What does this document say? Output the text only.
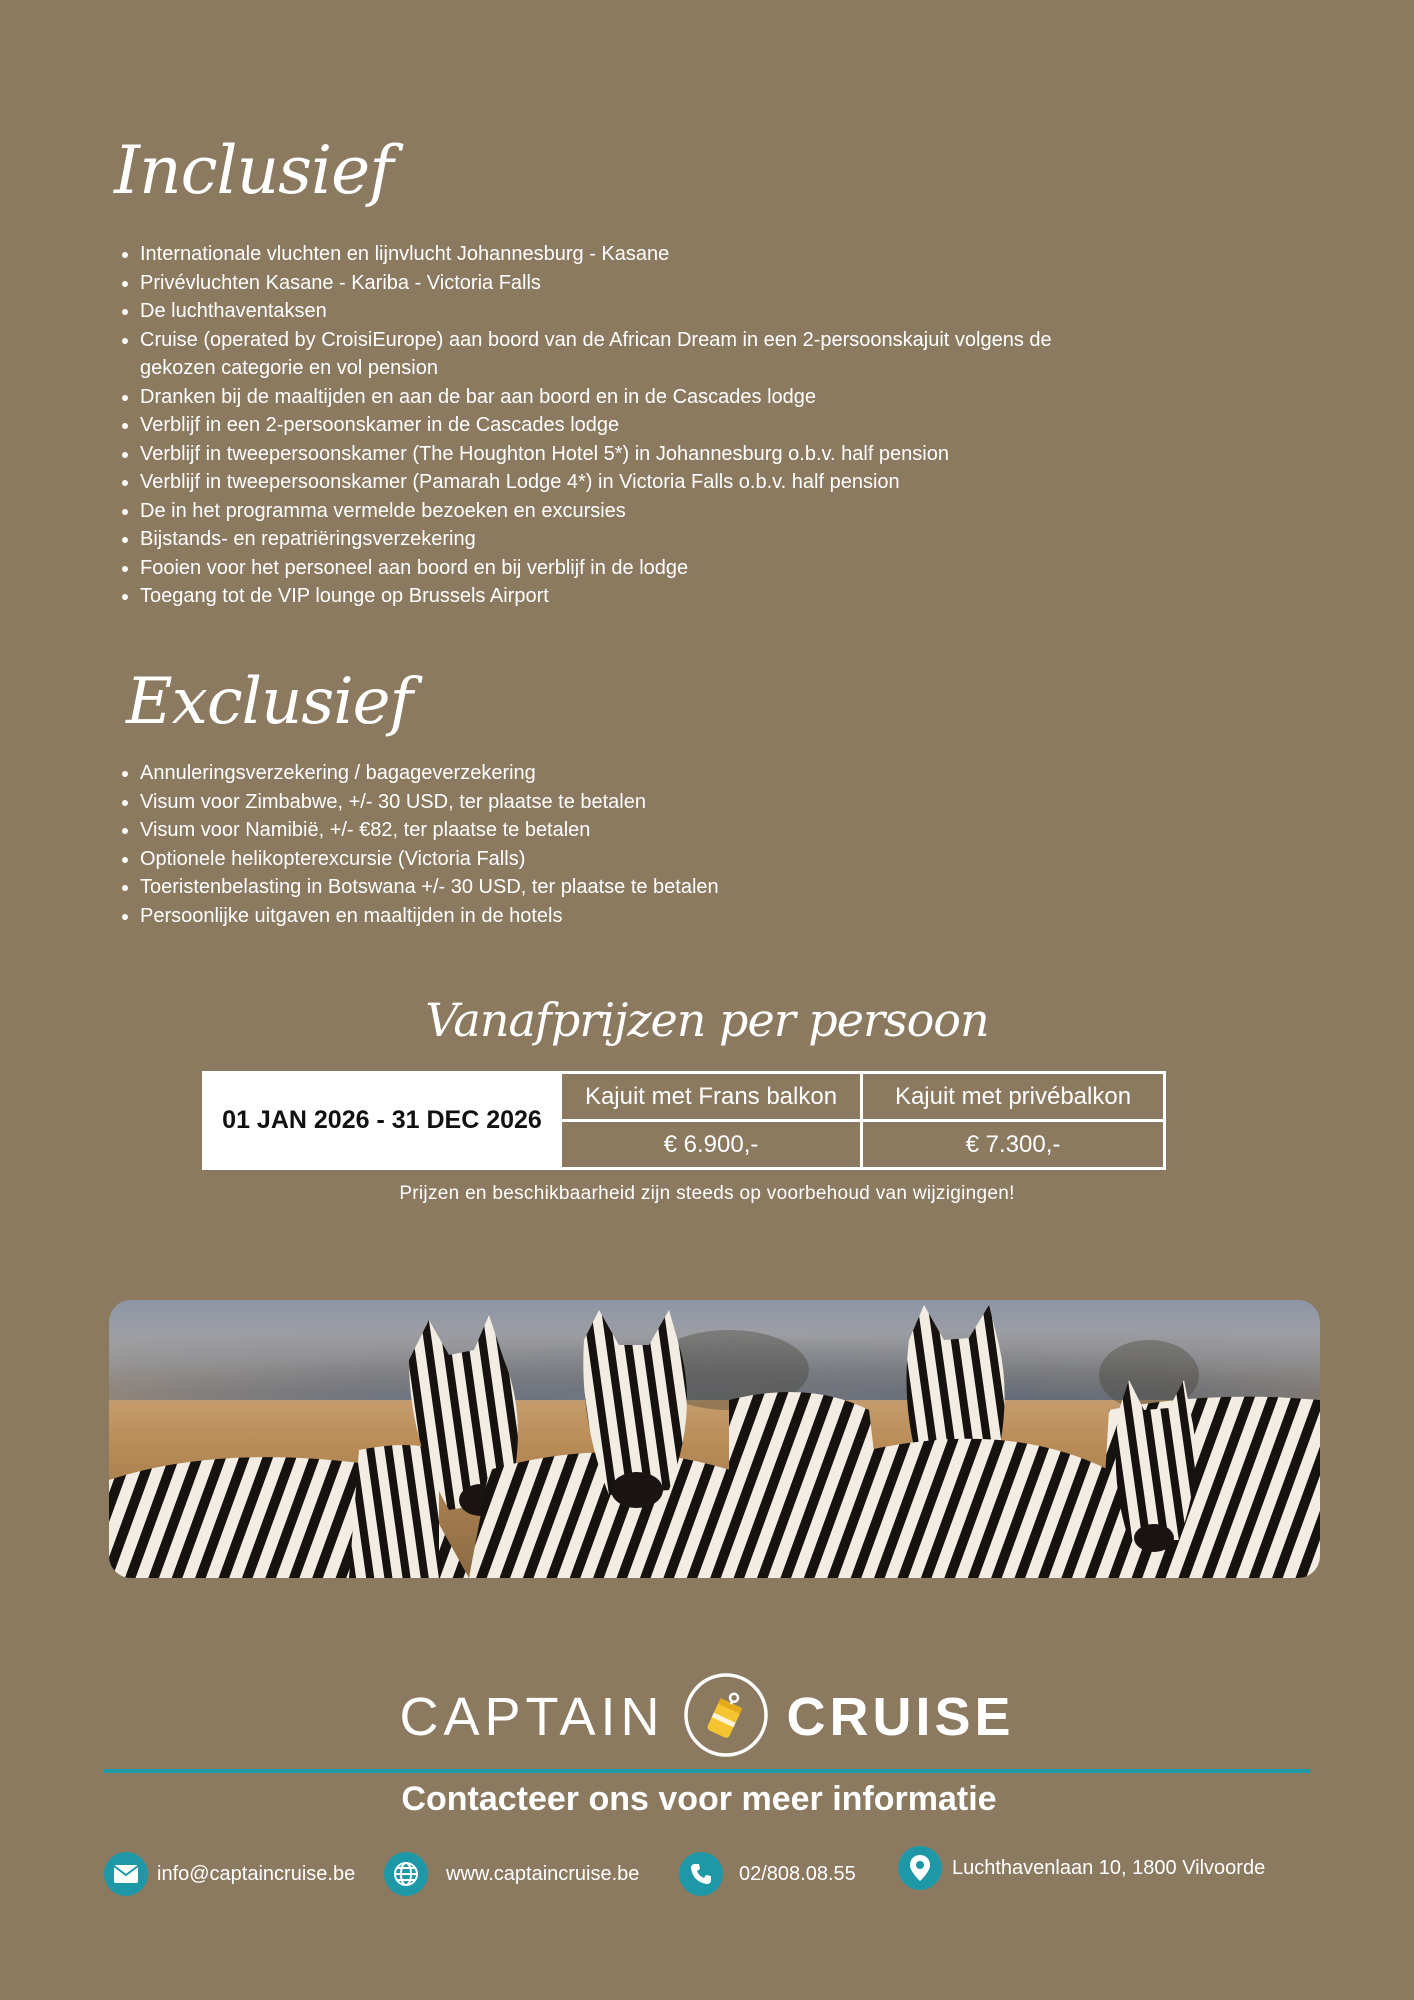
Inclusief
• Internationale vluchten en lijnvlucht Johannesburg - Kasane
• Privévluchten Kasane - Kariba - Victoria Falls
• De luchthaventaksen
• Cruise (operated by CroisiEurope) aan boord van de African Dream in een 2-persoonskajuit volgens de gekozen categorie en vol pension
• Dranken bij de maaltijden en aan de bar aan boord en in de Cascades lodge
• Verblijf in een 2-persoonskamer in de Cascades lodge
• Verblijf in tweepersoonskamer (The Houghton Hotel 5*) in Johannesburg o.b.v. half pension
• Verblijf in tweepersoonskamer (Pamarah Lodge 4*) in Victoria Falls o.b.v. half pension
• De in het programma vermelde bezoeken en excursies
• Bijstands- en repatriëringsverzekering
• Fooien voor het personeel aan boord en bij verblijf in de lodge
• Toegang tot de VIP lounge op Brussels Airport
Exclusief
• Annuleringsverzekering / bagageverzekering
• Visum voor Zimbabwe, +/- 30 USD, ter plaatse te betalen
• Visum voor Namibië, +/- €82, ter plaatse te betalen
• Optionele helikopterexcursie (Victoria Falls)
• Toeristenbelasting in Botswana +/- 30 USD, ter plaatse te betalen
• Persoonlijke uitgaven en maaltijden in de hotels
Vanafprijzen per persoon
01 JAN 2026 - 31 DEC 2026	Kajuit met Frans balkon	Kajuit met privébalkon
	€ 6.900,-	€ 7.300,-
Prijzen en beschikbaarheid zijn steeds op voorbehoud van wijzigingen!
CAPTAIN CRUISE
Contacteer ons voor meer informatie
info@captaincruise.be	www.captaincruise.be	02/808.08.55	Luchthavenlaan 10, 1800 Vilvoorde
